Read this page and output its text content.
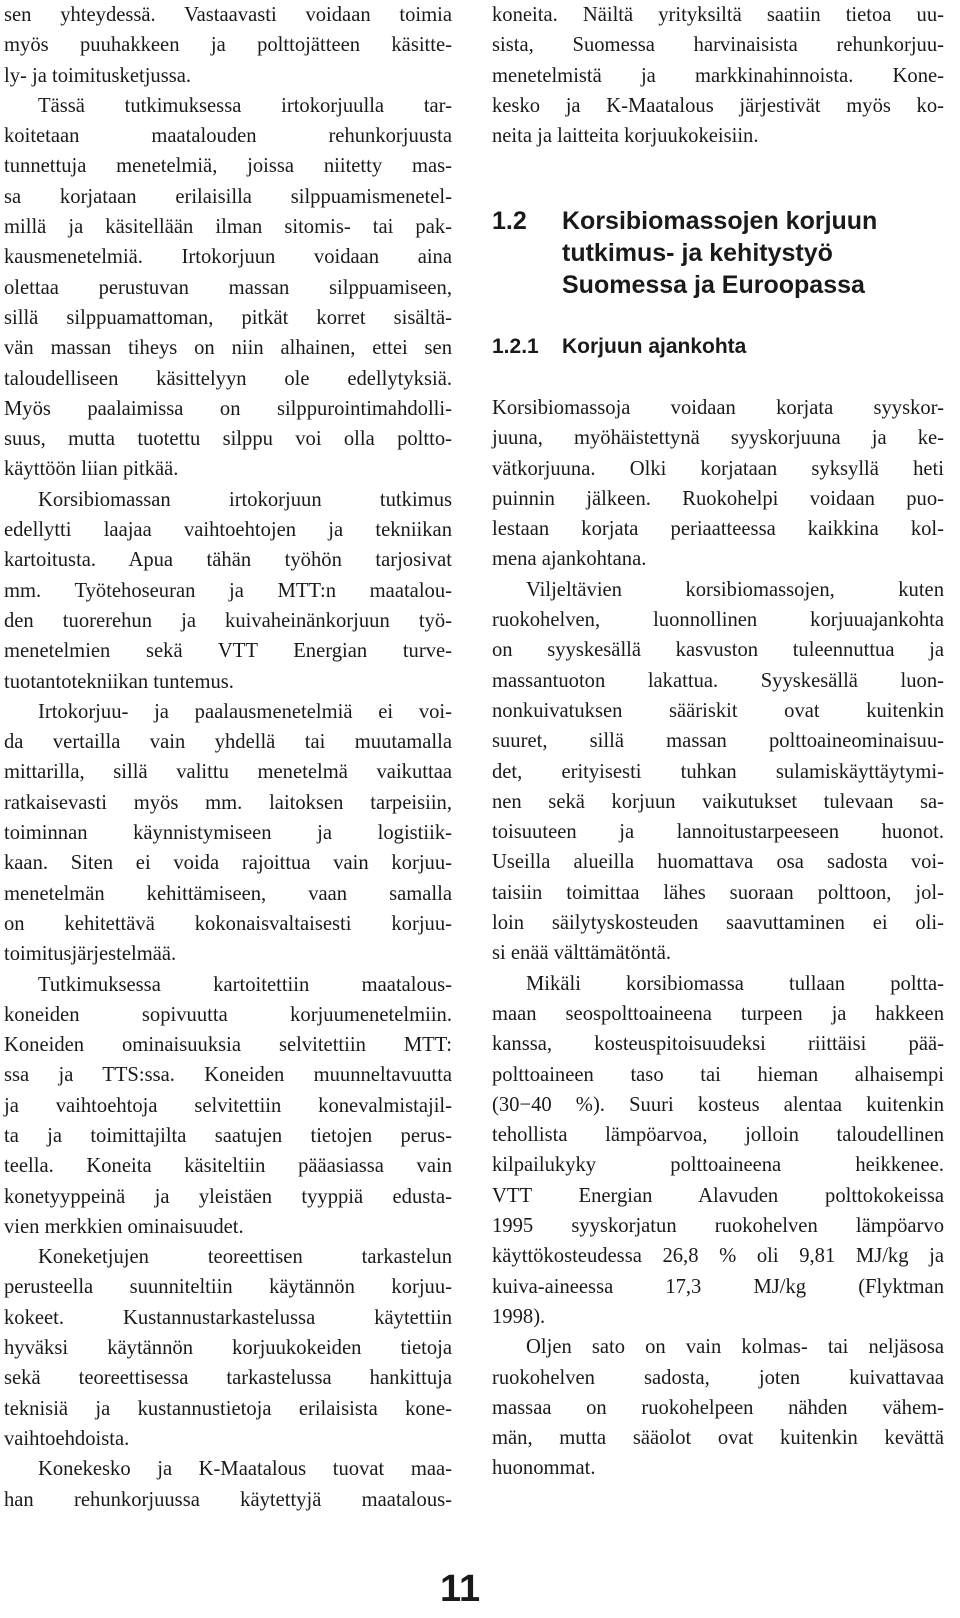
sen yhteydessä. Vastaavasti voidaan toimia
myös puuhakkeen ja polttojätteen käsitte-
ly- ja toimitusketjussa.
Tässä tutkimuksessa irtokorjuulla tar-
koitetaan maatalouden rehunkorjuusta
tunnettuja menetelmiä, joissa niitetty mas-
sa korjataan erilaisilla silppuamismenetel-
millä ja käsitellään ilman sitomis- tai pak-
kausmenetelmiä. Irtokorjuun voidaan aina
olettaa perustuvan massan silppuamiseen,
sillä silppuamattoman, pitkät korret sisältä-
vän massan tiheys on niin alhainen, ettei sen
taloudelliseen käsittelyyn ole edellytyksiä.
Myös paalaimissa on silppurointimahdolli-
suus, mutta tuotettu silppu voi olla poltto-
käyttöön liian pitkää.
Korsibiomassan irtokorjuun tutkimus
edellytti laajaa vaihtoehtojen ja tekniikan
kartoitusta. Apua tähän työhön tarjosivat
mm. Työtehoseuran ja MTT:n maatalou-
den tuorerehun ja kuivaheinänkorjuun työ-
menetelmien sekä VTT Energian turve-
tuotantotekniikan tuntemus.
Irtokorjuu- ja paalausmenetelmiä ei voi-
da vertailla vain yhdellä tai muutamalla
mittarilla, sillä valittu menetelmä vaikuttaa
ratkaisevasti myös mm. laitoksen tarpeisiin,
toiminnan käynnistymiseen ja logistiik-
kaan. Siten ei voida rajoittua vain korjuu-
menetelmän kehittämiseen, vaan samalla
on kehitettävä kokonaisvaltaisesti korjuu-
toimitusjärjestelmää.
Tutkimuksessa kartoitettiin maatalous-
koneiden sopivuutta korjuumenetelmiin.
Koneiden ominaisuuksia selvitettiin MTT:
ssa ja TTS:ssa. Koneiden muunneltavuutta
ja vaihtoehtoja selvitettiin konevalmistajil-
ta ja toimittajilta saatujen tietojen perus-
teella. Koneita käsiteltiin pääasiassa vain
konetyyppeinä ja yleistäen tyyppiä edusta-
vien merkkien ominaisuudet.
Koneketjujen teoreettisen tarkastelun
perusteella suunniteltiin käytännön korjuu-
kokeet. Kustannustarkastelussa käytettiin
hyväksi käytännön korjuukokeiden tietoja
sekä teoreettisessa tarkastelussa hankittuja
teknisiä ja kustannustietoja erilaisista kone-
vaihtoehdoista.
Konekesko ja K-Maatalous tuovat maa-
han rehunkorjuussa käytettyjä maatalous-
koneita. Näiltä yrityksiltä saatiin tietoa uu-
sista, Suomessa harvinaisista rehunkorjuu-
menetelmistä ja markkinahinnoista. Kone-
kesko ja K-Maatalous järjestivät myös ko-
neita ja laitteita korjuukokeisiin.
1.2 Korsibiomassojen korjuun
tutkimus- ja kehitystyö
Suomessa ja Euroopassa
1.2.1 Korjuun ajankohta
Korsibiomassoja voidaan korjata syyskor-
juuna, myöhäistettynä syyskorjuuna ja ke-
vätkorjuuna. Olki korjataan syksyllä heti
puinnin jälkeen. Ruokohelpi voidaan puo-
lestaan korjata periaatteessa kaikkina kol-
mena ajankohtana.
Viljeltävien korsibiomassojen, kuten
ruokohelven, luonnollinen korjuuajankohta
on syyskesällä kasvuston tuleennuttua ja
massantuoton lakattua. Syyskesällä luon-
nonkuivatuksen sääriskit ovat kuitenkin
suuret, sillä massan polttoaineominaisuu-
det, erityisesti tuhkan sulamiskäyttäytymi-
nen sekä korjuun vaikutukset tulevaan sa-
toisuuteen ja lannoitustarpeeseen huonot.
Useilla alueilla huomattava osa sadosta voi-
taisiin toimittaa lähes suoraan polttoon, jol-
loin säilytyskosteuden saavuttaminen ei oli-
si enää välttämätöntä.
Mikäli korsibiomassa tullaan poltta-
maan seospolttoaineena turpeen ja hakkeen
kanssa, kosteuspitoisuudeksi riittäisi pää-
polttoaineen taso tai hieman alhaisempi
(30−40 %). Suuri kosteus alentaa kuitenkin
tehollista lämpöarvoa, jolloin taloudellinen
kilpailukyky polttoaineena heikkenee.
VTT Energian Alavuden polttokokeissa
1995 syyskorjatun ruokohelven lämpöarvo
käyttökosteudessa 26,8 % oli 9,81 MJ/kg ja
kuiva-aineessa 17,3 MJ/kg (Flyktman
1998).
Oljen sato on vain kolmas- tai neljäsosa
ruokohelven sadosta, joten kuivattavaa
massaa on ruokohelpeen nähden vähem-
män, mutta sääolot ovat kuitenkin kevättä
huonommat.
11
